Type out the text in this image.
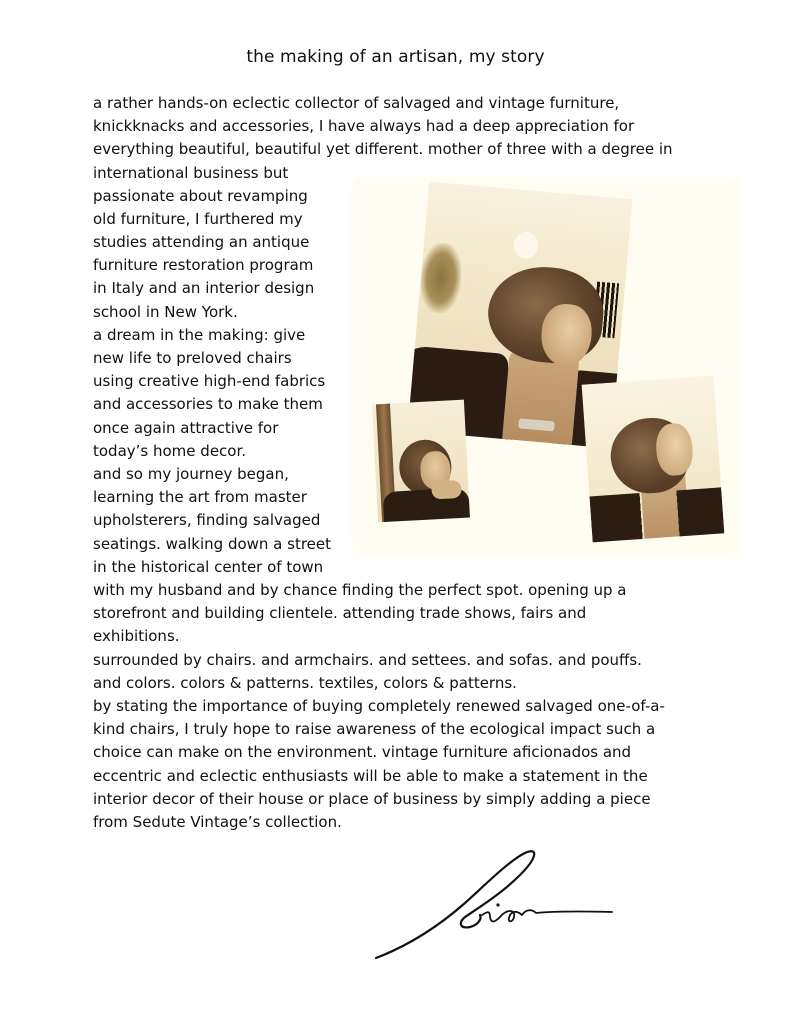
the making of an artisan, my story
a rather hands-on eclectic collector of salvaged and vintage furniture,
knickknacks and accessories, I have always had a deep appreciation for
everything beautiful, beautiful yet different. mother of three with a degree in
international business but
passionate about revamping
old furniture, I furthered my
studies attending an antique
furniture restoration program
in Italy and an interior design
school in New York.
a dream in the making: give
new life to preloved chairs
using creative high-end fabrics
and accessories to make them
once again attractive for
today’s home decor.
and so my journey began,
learning the art from master
upholsterers, finding salvaged
seatings. walking down a street
in the historical center of town
with my husband and by chance finding the perfect spot. opening up a
storefront and building clientele. attending trade shows, fairs and
exhibitions.
surrounded by chairs. and armchairs. and settees. and sofas. and pouffs.
and colors. colors & patterns. textiles, colors & patterns.
by stating the importance of buying completely renewed salvaged one-of-a-
kind chairs, I truly hope to raise awareness of the ecological impact such a
choice can make on the environment. vintage furniture aficionados and
eccentric and eclectic enthusiasts will be able to make a statement in the
interior decor of their house or place of business by simply adding a piece
from Sedute Vintage’s collection.
